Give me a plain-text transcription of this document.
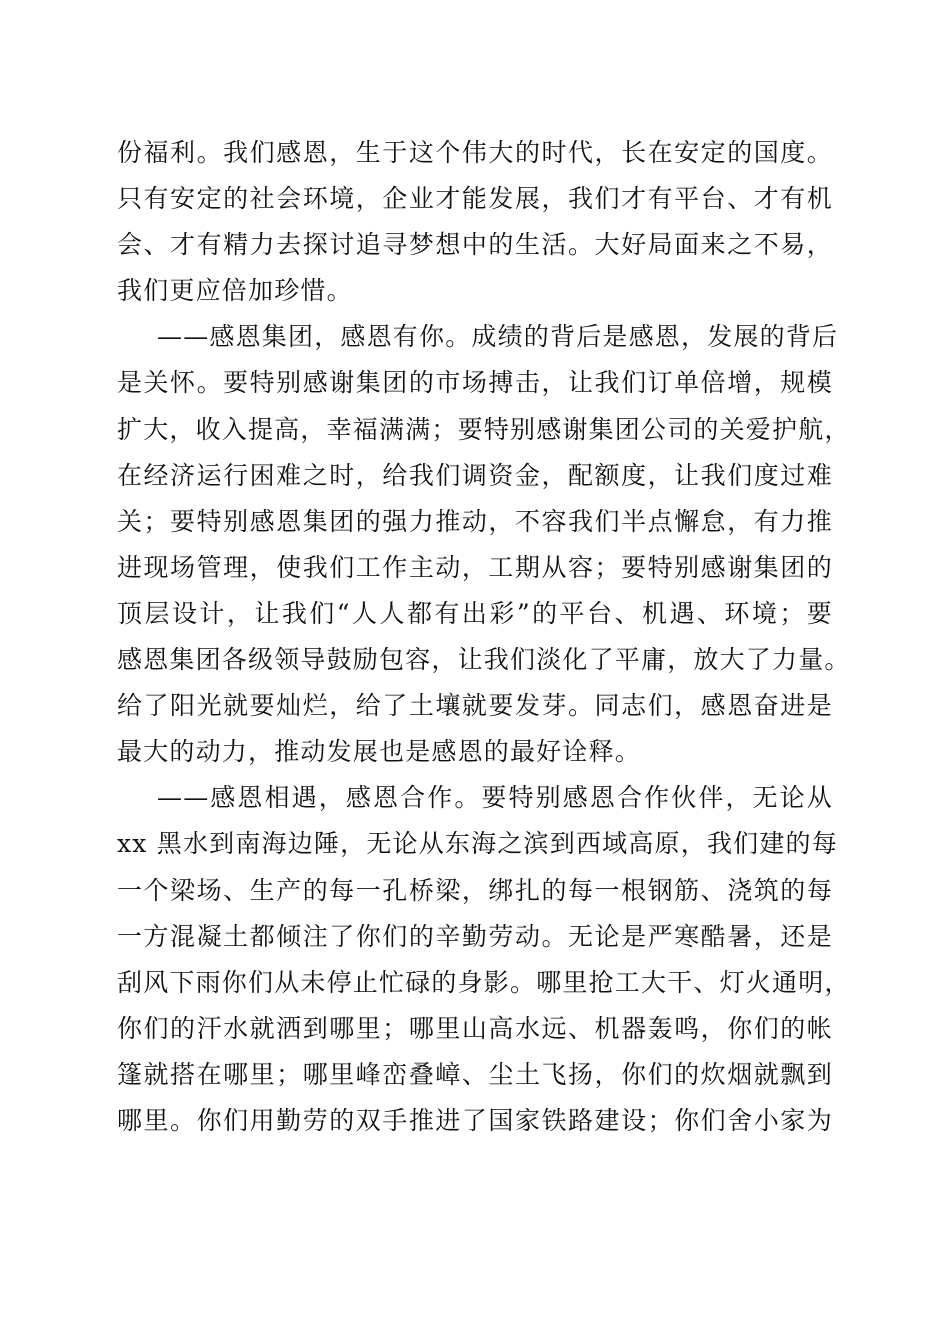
份福利。我们感恩，生于这个伟大的时代，长在安定的国度。
只有安定的社会环境，企业才能发展，我们才有平台、才有机
会、才有精力去探讨追寻梦想中的生活。大好局面来之不易，
我们更应倍加珍惜。
——感恩集团，感恩有你。成绩的背后是感恩，发展的背后
是关怀。要特别感谢集团的市场搏击，让我们订单倍增，规模
扩大，收入提高，幸福满满；要特别感谢集团公司的关爱护航，
在经济运行困难之时，给我们调资金，配额度，让我们度过难
关；要特别感恩集团的强力推动，不容我们半点懈怠，有力推
进现场管理，使我们工作主动，工期从容；要特别感谢集团的
顶层设计，让我们“人人都有出彩”的平台、机遇、环境；要
感恩集团各级领导鼓励包容，让我们淡化了平庸，放大了力量。
给了阳光就要灿烂，给了土壤就要发芽。同志们，感恩奋进是
最大的动力，推动发展也是感恩的最好诠释。
——感恩相遇，感恩合作。要特别感恩合作伙伴，无论从
xx 黑水到南海边陲，无论从东海之滨到西域高原，我们建的每
一个梁场、生产的每一孔桥梁，绑扎的每一根钢筋、浇筑的每
一方混凝土都倾注了你们的辛勤劳动。无论是严寒酷暑，还是
刮风下雨你们从未停止忙碌的身影。哪里抢工大干、灯火通明，
你们的汗水就洒到哪里；哪里山高水远、机器轰鸣，你们的帐
篷就搭在哪里；哪里峰峦叠嶂、尘土飞扬，你们的炊烟就飘到
哪里。你们用勤劳的双手推进了国家铁路建设；你们舍小家为
